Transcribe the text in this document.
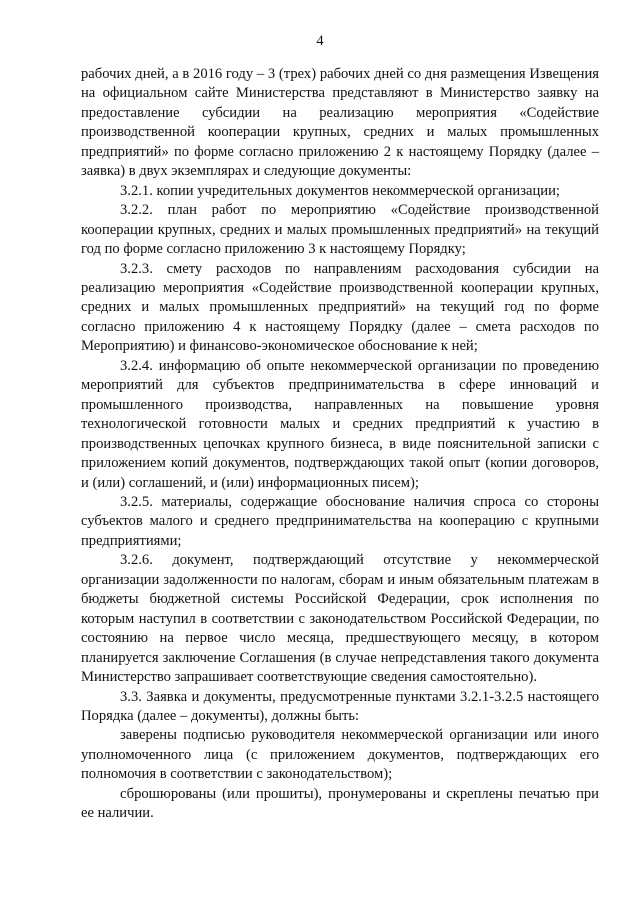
4

рабочих дней, а в 2016 году – 3 (трех) рабочих дней со дня размещения Извещения на официальном сайте Министерства представляют в Министерство заявку на предоставление субсидии на реализацию мероприятия «Содействие производственной кооперации крупных, средних и малых промышленных предприятий» по форме согласно приложению 2 к настоящему Порядку (далее – заявка) в двух экземплярах и следующие документы:

3.2.1. копии учредительных документов некоммерческой организации;

3.2.2. план работ по мероприятию «Содействие производственной кооперации крупных, средних и малых промышленных предприятий» на текущий год по форме согласно приложению 3 к настоящему Порядку;

3.2.3. смету расходов по направлениям расходования субсидии на реализацию мероприятия «Содействие производственной кооперации крупных, средних и малых промышленных предприятий» на текущий год по форме согласно приложению 4 к настоящему Порядку (далее – смета расходов по Мероприятию) и финансово-экономическое обоснование к ней;

3.2.4. информацию об опыте некоммерческой организации по проведению мероприятий для субъектов предпринимательства в сфере инноваций и промышленного производства, направленных на повышение уровня технологической готовности малых и средних предприятий к участию в производственных цепочках крупного бизнеса, в виде пояснительной записки с приложением копий документов, подтверждающих такой опыт (копии договоров, и (или) соглашений, и (или) информационных писем);

3.2.5. материалы, содержащие обоснование наличия спроса со стороны субъектов малого и среднего предпринимательства на кооперацию с крупными предприятиями;

3.2.6. документ, подтверждающий отсутствие у некоммерческой организации задолженности по налогам, сборам и иным обязательным платежам в бюджеты бюджетной системы Российской Федерации, срок исполнения по которым наступил в соответствии с законодательством Российской Федерации, по состоянию на первое число месяца, предшествующего месяцу, в котором планируется заключение Соглашения (в случае непредставления такого документа Министерство запрашивает соответствующие сведения самостоятельно).

3.3. Заявка и документы, предусмотренные пунктами 3.2.1-3.2.5 настоящего Порядка (далее – документы), должны быть:

заверены подписью руководителя некоммерческой организации или иного уполномоченного лица (с приложением документов, подтверждающих его полномочия в соответствии с законодательством);

сброшюрованы (или прошиты), пронумерованы и скреплены печатью при ее наличии.
